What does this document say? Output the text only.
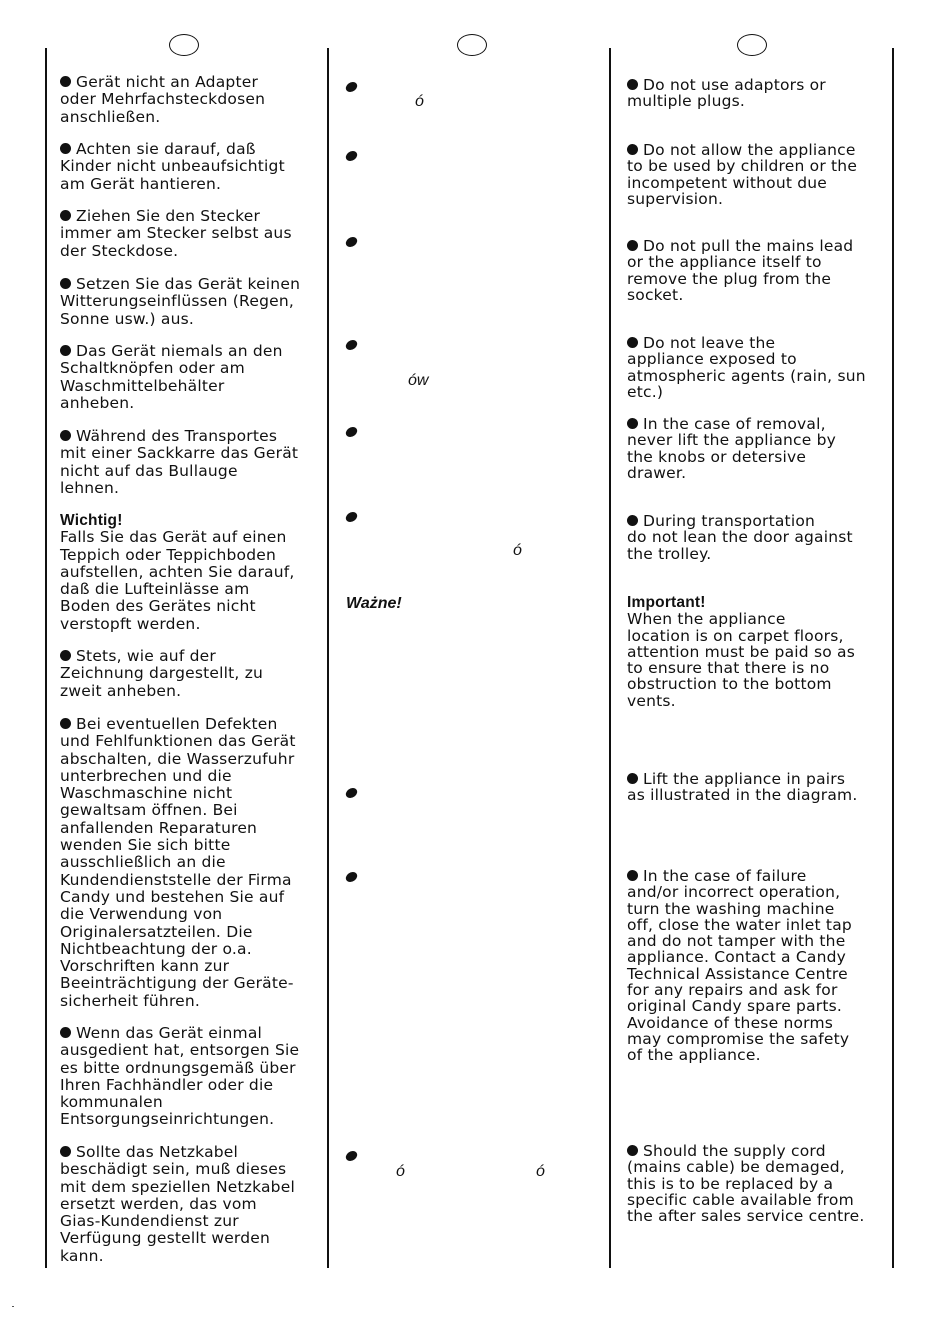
Gerät nicht an Adapter
oder Mehrfachsteckdosen
anschließen.
Achten sie darauf, daß
Kinder nicht unbeaufsichtigt
am Gerät hantieren.
Ziehen Sie den Stecker
immer am Stecker selbst aus
der Steckdose.
Setzen Sie das Gerät keinen
Witterungseinflüssen (Regen,
Sonne usw.) aus.
Das Gerät niemals an den
Schaltknöpfen oder am
Waschmittelbehälter
anheben.
Während des Transportes
mit einer Sackkarre das Gerät
nicht auf das Bullauge
lehnen.
Wichtig!
Falls Sie das Gerät auf einen
Teppich oder Teppichboden
aufstellen, achten Sie darauf,
daß die Lufteinlässe am
Boden des Gerätes nicht
verstopft werden.
Stets, wie auf der
Zeichnung dargestellt, zu
zweit anheben.
Bei eventuellen Defekten
und Fehlfunktionen das Gerät
abschalten, die Wasserzufuhr
unterbrechen und die
Waschmaschine nicht
gewaltsam öffnen. Bei
anfallenden Reparaturen
wenden Sie sich bitte
ausschließlich an die
Kundendienststelle der Firma
Candy und bestehen Sie auf
die Verwendung von
Originalersatzteilen. Die
Nichtbeachtung der o.a.
Vorschriften kann zur
Beeinträchtigung der Geräte-
sicherheit führen.
Wenn das Gerät einmal
ausgedient hat, entsorgen Sie
es bitte ordnungsgemäß über
Ihren Fachhändler oder die
kommunalen
Entsorgungseinrichtungen.
Sollte das Netzkabel
beschädigt sein, muß dieses
mit dem speziellen Netzkabel
ersetzt werden, das vom
Gias-Kundendienst zur
Verfügung gestellt werden
kann.
ó
ów
ó
Ważne!
ó	ó
Do not use adaptors or
multiple plugs.
Do not allow the appliance
to be used by children or the
incompetent without due
supervision.
Do not pull the mains lead
or the appliance itself to
remove the plug from the
socket.
Do not leave the
appliance exposed to
atmospheric agents (rain, sun
etc.)
In the case of removal,
never lift the appliance by
the knobs or detersive
drawer.
During transportation
do not lean the door against
the trolley.
Important!
When the appliance
location is on carpet floors,
attention must be paid so as
to ensure that there is no
obstruction to the bottom
vents.
Lift the appliance in pairs
as illustrated in the diagram.
In the case of failure
and/or incorrect operation,
turn the washing machine
off, close the water inlet tap
and do not tamper with the
appliance. Contact a Candy
Technical Assistance Centre
for any repairs and ask for
original Candy spare parts.
Avoidance of these norms
may compromise the safety
of the appliance.
Should the supply cord
(mains cable) be demaged,
this is to be replaced by a
specific cable available from
the after sales service centre.
